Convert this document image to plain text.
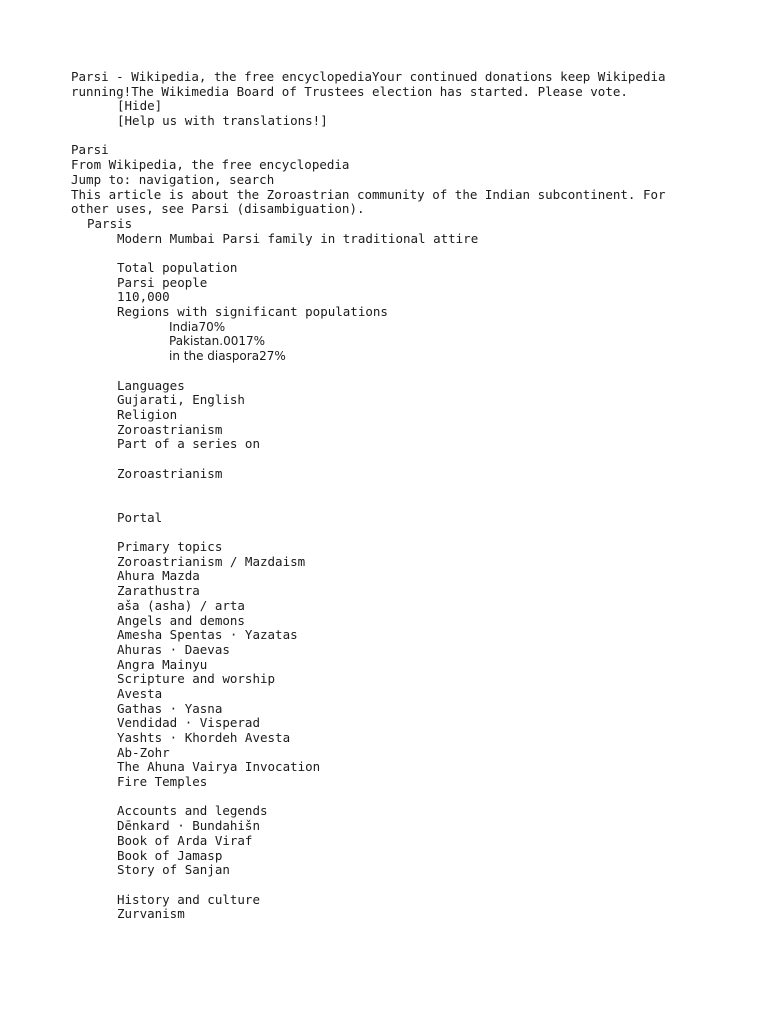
Parsi - Wikipedia, the free encyclopediaYour continued donations keep Wikipedia running!The Wikimedia Board of Trustees election has started. Please vote.
[Hide]
[Help us with translations!]
Parsi
From Wikipedia, the free encyclopedia
Jump to: navigation, search
This article is about the Zoroastrian community of the Indian subcontinent. For other uses, see Parsi (disambiguation).
Parsis
Modern Mumbai Parsi family in traditional attire
Total population
Parsi people
110,000
Regions with significant populations
India70%
Pakistan.0017%
in the diaspora27%
Languages
Gujarati, English
Religion
Zoroastrianism
Part of a series on
Zoroastrianism
Portal
Primary topics
Zoroastrianism / Mazdaism
Ahura Mazda
Zarathustra
aša (asha) / arta
Angels and demons
Amesha Spentas · Yazatas
Ahuras · Daevas
Angra Mainyu
Scripture and worship
Avesta
Gathas · Yasna
Vendidad · Visperad
Yashts · Khordeh Avesta
Ab-Zohr
The Ahuna Vairya Invocation
Fire Temples
Accounts and legends
Dēnkard · Bundahišn
Book of Arda Viraf
Book of Jamasp
Story of Sanjan
History and culture
Zurvanism
